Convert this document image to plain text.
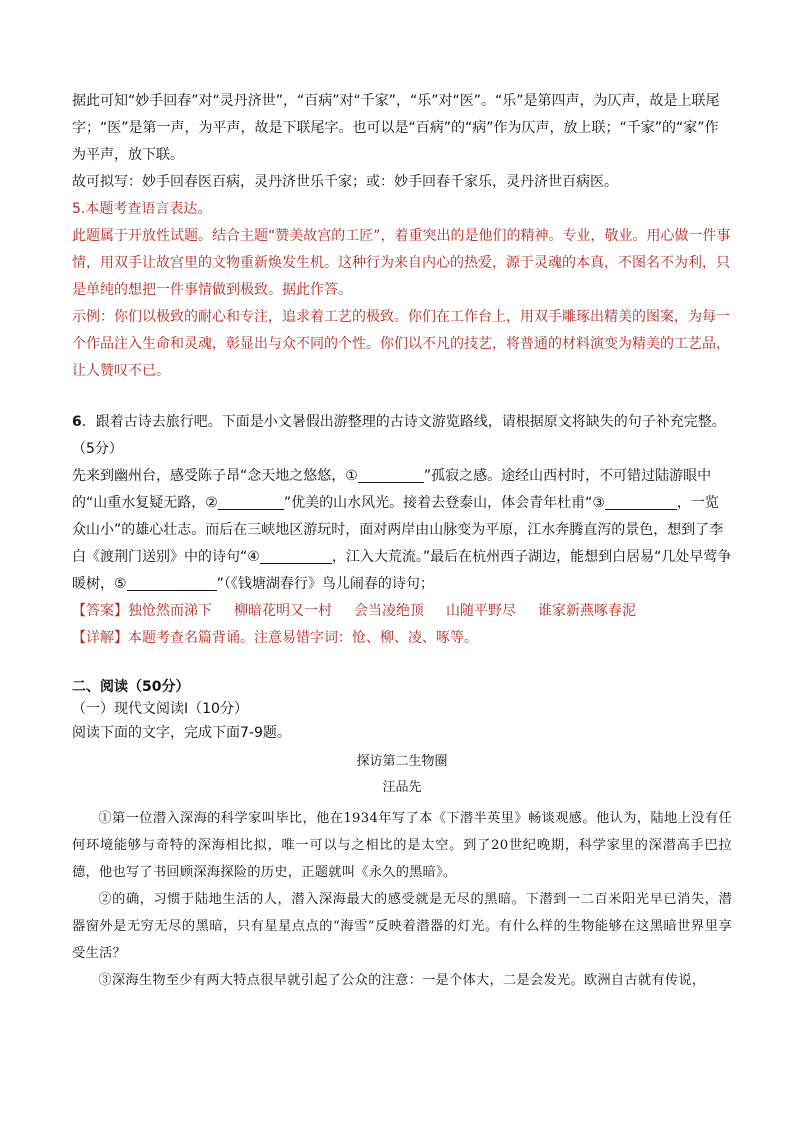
据此可知“妙手回春”对“灵丹济世”，“百病”对“千家”，“乐”对“医”。“乐”是第四声，为仄声，故是上联尾字；“医”是第一声，为平声，故是下联尾字。也可以是“百病”的“病”作为仄声，放上联；“千家”的“家”作为平声，放下联。

故可拟写：妙手回春医百病，灵丹济世乐千家；或：妙手回春千家乐，灵丹济世百病医。

5.本题考查语言表达。

此题属于开放性试题。结合主题“赞美故宫的工匠”，着重突出的是他们的精神。专业，敬业。用心做一件事情，用双手让故宫里的文物重新焕发生机。这种行为来自内心的热爱，源于灵魂的本真，不图名不为利，只是单纯的想把一件事情做到极致。据此作答。

示例：你们以极致的耐心和专注，追求着工艺的极致。你们在工作台上，用双手雕琢出精美的图案，为每一个作品注入生命和灵魂，彰显出与众不同的个性。你们以不凡的技艺，将普通的材料演变为精美的工艺品，让人赞叹不已。

6．跟着古诗去旅行吧。下面是小文暑假出游整理的古诗文游览路线，请根据原文将缺失的句子补充完整。（5分）

先来到幽州台，感受陈子昂“念天地之悠悠，①	”孤寂之感。途经山西村时，不可错过陆游眼中的“山重水复疑无路，②	”优美的山水风光。接着去登泰山，体会青年杜甫“③	，一览众山小”的雄心壮志。而后在三峡地区游玩时，面对两岸由山脉变为平原，江水奔腾直泻的景色，想到了李白《渡荆门送别》中的诗句“④	，江入大荒流。”最后在杭州西子湖边，能想到白居易“几处早莺争暖树，⑤	”（《钱塘湖春行》鸟儿闹春的诗句；

【答案】独怆然而涕下 柳暗花明又一村 会当凌绝顶 山随平野尽 谁家新燕啄春泥

【详解】本题考查名篇背诵。注意易错字词：怆、柳、凌、啄等。

二、阅读（50分）

（一）现代文阅读Ⅰ（10分）

阅读下面的文字，完成下面7-9题。

探访第二生物圈

汪品先

①第一位潜入深海的科学家叫毕比，他在1934年写了本《下潜半英里》畅谈观感。他认为，陆地上没有任何环境能够与奇特的深海相比拟，唯一可以与之相比的是太空。到了20世纪晚期，科学家里的深潜高手巴拉德，他也写了书回顾深海探险的历史，正题就叫《永久的黑暗》。

②的确，习惯于陆地生活的人，潜入深海最大的感受就是无尽的黑暗。下潜到一二百米阳光早已消失，潜器窗外是无穷无尽的黑暗，只有星星点点的“海雪”反映着潜器的灯光。有什么样的生物能够在这黑暗世界里享受生活？

③深海生物至少有两大特点很早就引起了公众的注意：一是个体大，二是会发光。欧洲自古就有传说，
